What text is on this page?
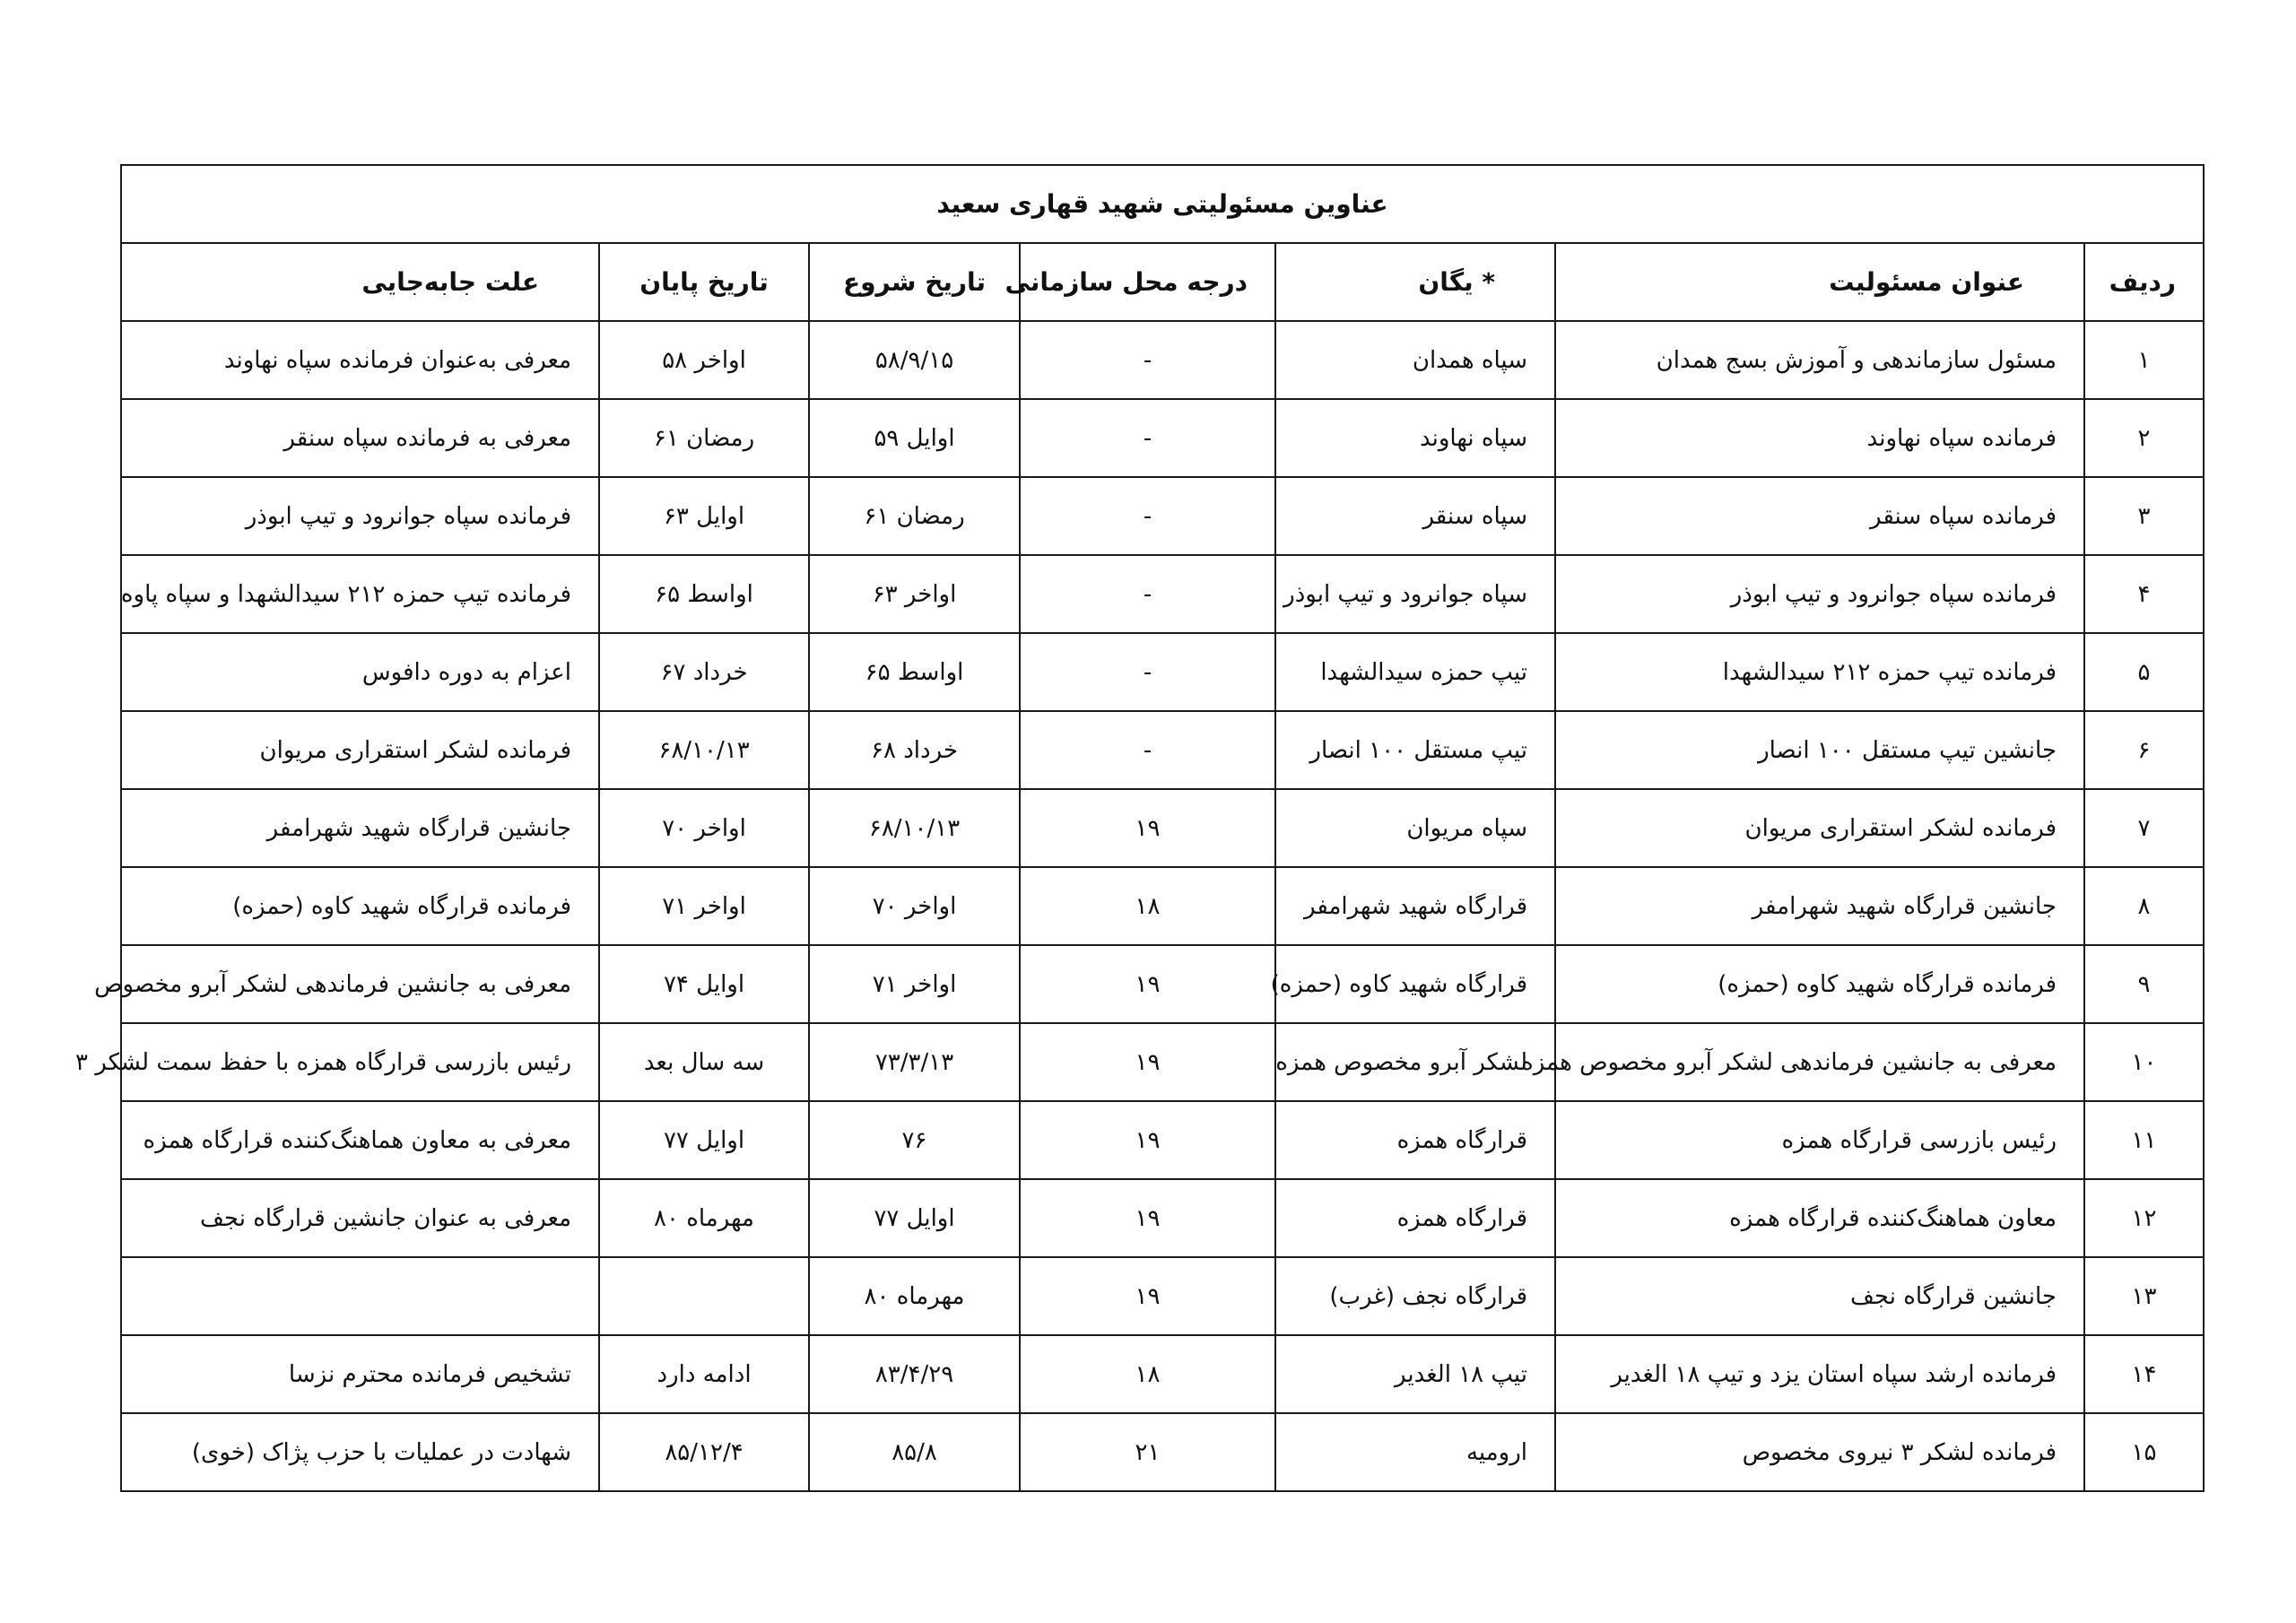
عناوین مسئولیتی شهید قهاری سعید						
ردیف	عنوان مسئولیت	* یگان	درجه محل سازمانی	تاریخ شروع	تاریخ پایان	علت جابه‌جایی
۱	مسئول سازماندهی و آموزش بسج همدان	سپاه همدان	-	۵۸/۹/۱۵	اواخر ۵۸	معرفی به‌عنوان فرمانده سپاه نهاوند
۲	فرمانده سپاه نهاوند	سپاه نهاوند	-	اوایل ۵۹	رمضان ۶۱	معرفی به فرمانده سپاه سنقر
۳	فرمانده سپاه سنقر	سپاه سنقر	-	رمضان ۶۱	اوایل ۶۳	فرمانده سپاه جوانرود و تیپ ابوذر
۴	فرمانده سپاه جوانرود و تیپ ابوذر	سپاه جوانرود و تیپ ابوذر	-	اواخر ۶۳	اواسط ۶۵	فرمانده تیپ حمزه ۲۱۲ سیدالشهدا و سپاه پاوه
۵	فرمانده تیپ حمزه ۲۱۲ سیدالشهدا	تیپ حمزه سیدالشهدا	-	اواسط ۶۵	خرداد ۶۷	اعزام به دوره دافوس
۶	جانشین تیپ مستقل ۱۰۰ انصار	تیپ مستقل ۱۰۰ انصار	-	خرداد ۶۸	۶۸/۱۰/۱۳	فرمانده لشکر استقراری مریوان
۷	فرمانده لشکر استقراری مریوان	سپاه مریوان	۱۹	۶۸/۱۰/۱۳	اواخر ۷۰	جانشین قرارگاه شهید شهرامفر
۸	جانشین قرارگاه شهید شهرامفر	قرارگاه شهید شهرامفر	۱۸	اواخر ۷۰	اواخر ۷۱	فرمانده قرارگاه شهید کاوه (حمزه)
۹	فرمانده قرارگاه شهید کاوه (حمزه)	قرارگاه شهید کاوه (حمزه)	۱۹	اواخر ۷۱	اوایل ۷۴	معرفی به جانشین فرماندهی لشکر آبرو مخصوص
۱۰	معرفی به جانشین فرماندهی لشکر آبرو مخصوص همزه	لشکر آبرو مخصوص همزه	۱۹	۷۳/۳/۱۳	سه سال بعد	رئیس بازرسی قرارگاه همزه با حفظ سمت لشکر ۳
۱۱	رئیس بازرسی قرارگاه همزه	قرارگاه همزه	۱۹	۷۶	اوایل ۷۷	معرفی به معاون هماهنگ‌کننده قرارگاه همزه
۱۲	معاون هماهنگ‌کننده قرارگاه همزه	قرارگاه همزه	۱۹	اوایل ۷۷	مهرماه ۸۰	معرفی به عنوان جانشین قرارگاه نجف
۱۳	جانشین قرارگاه نجف	قرارگاه نجف (غرب)	۱۹	مهرماه ۸۰		
۱۴	فرمانده ارشد سپاه استان یزد و تیپ ۱۸ الغدیر	تیپ ۱۸ الغدیر	۱۸	۸۳/۴/۲۹	ادامه دارد	تشخیص فرمانده محترم نزسا
۱۵	فرمانده لشکر ۳ نیروی مخصوص	ارومیه	۲۱	۸۵/۸	۸۵/۱۲/۴	شهادت در عملیات با حزب پژاک (خوی)
